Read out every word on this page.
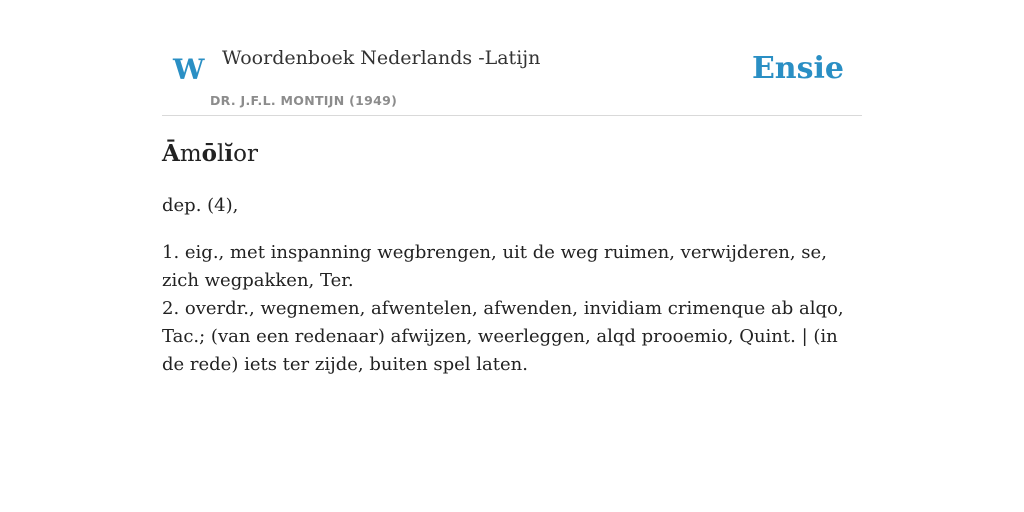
W Woordenboek Nederlands -Latijn
DR. J.F.L. MONTIJN (1949)
Ensie
Āmōlĭor

dep. (4),

1. eig., met inspanning wegbrengen, uit de weg ruimen, verwijderen, se, zich wegpakken, Ter.

2. overdr., wegnemen, afwentelen, afwenden, invidiam crimenque ab alqo, Tac.; (van een redenaar) afwijzen, weerleggen, alqd prooemio, Quint. | (in de rede) iets ter zijde, buiten spel laten.
